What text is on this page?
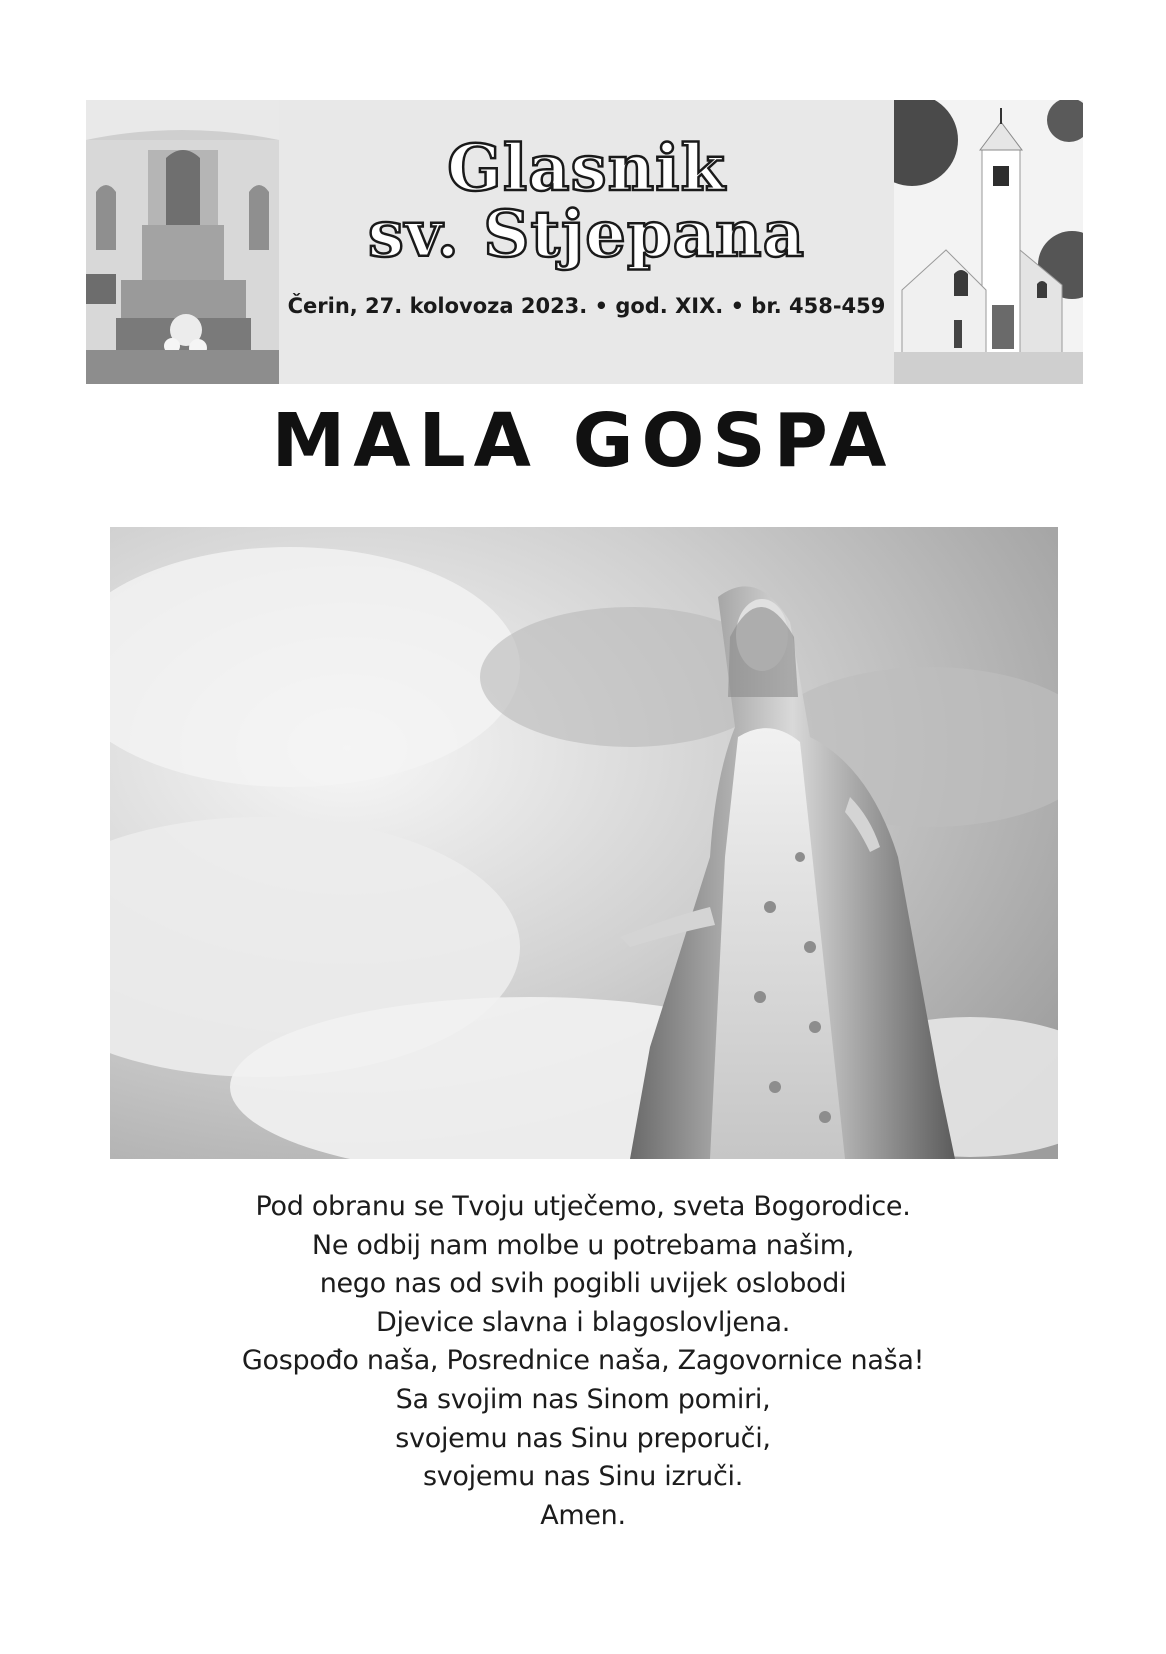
Glasnik
sv. Stjepana
Čerin, 27. kolovoza 2023. • god. XIX. • br. 458-459
MALA GOSPA
Pod obranu se Tvoju utječemo, sveta Bogorodice.
Ne odbij nam molbe u potrebama našim,
nego nas od svih pogibli uvijek oslobodi
Djevice slavna i blagoslovljena.
Gospođo naša, Posrednice naša, Zagovornice naša!
Sa svojim nas Sinom pomiri,
svojemu nas Sinu preporuči,
svojemu nas Sinu izruči.
Amen.
